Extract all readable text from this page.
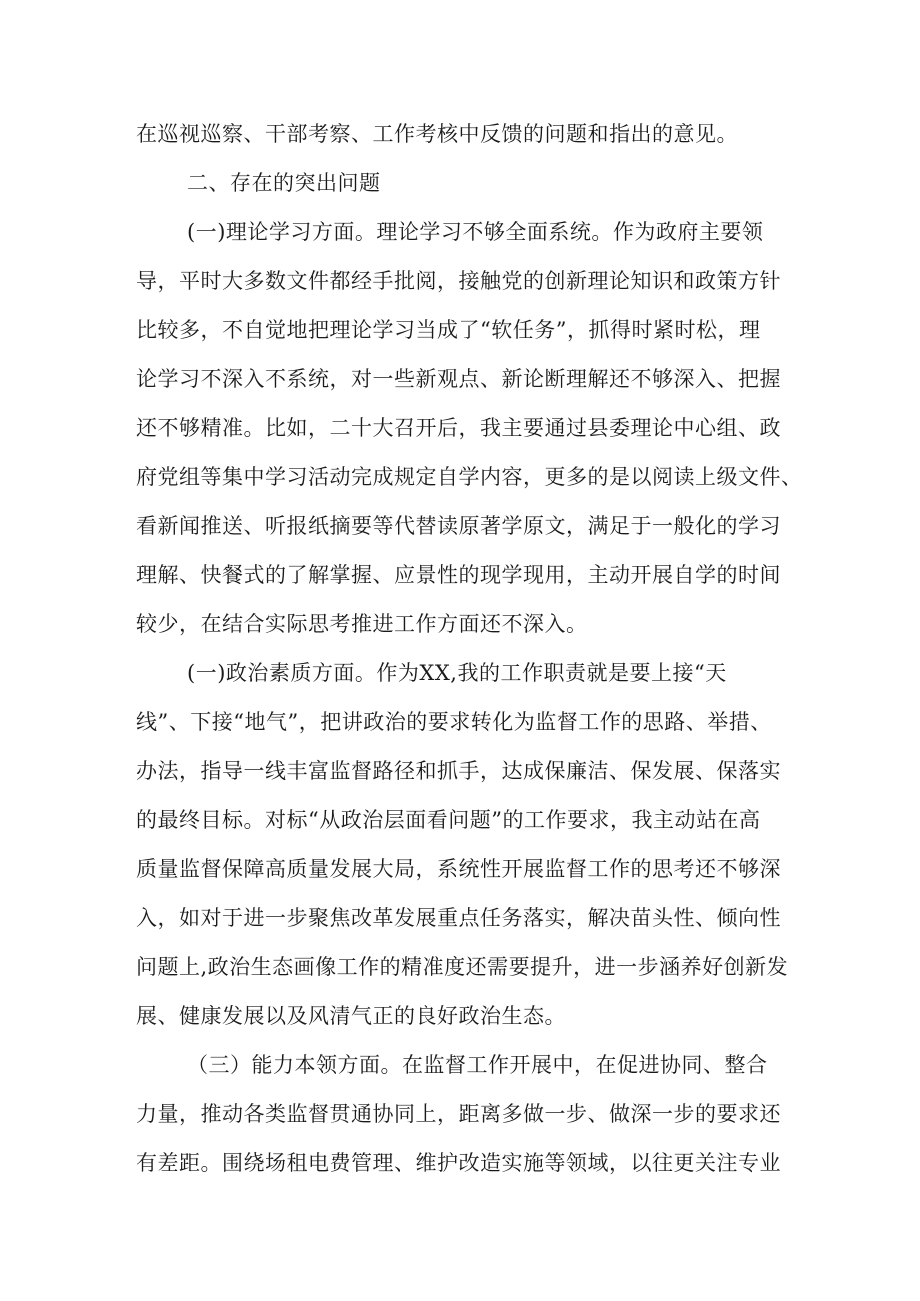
在巡视巡察、干部考察、工作考核中反馈的问题和指出的意见。
二、存在的突出问题
(一)理论学习方面。理论学习不够全面系统。作为政府主要领
导，平时大多数文件都经手批阅，接触党的创新理论知识和政策方针
比较多，不自觉地把理论学习当成了“软任务”，抓得时紧时松，理
论学习不深入不系统，对一些新观点、新论断理解还不够深入、把握
还不够精准。比如，二十大召开后，我主要通过县委理论中心组、政
府党组等集中学习活动完成规定自学内容，更多的是以阅读上级文件、
看新闻推送、听报纸摘要等代替读原著学原文，满足于一般化的学习
理解、快餐式的了解掌握、应景性的现学现用，主动开展自学的时间
较少，在结合实际思考推进工作方面还不深入。
(一)政治素质方面。作为XX,我的工作职责就是要上接“天
线”、下接“地气”，把讲政治的要求转化为监督工作的思路、举措、
办法，指导一线丰富监督路径和抓手，达成保廉洁、保发展、保落实
的最终目标。对标“从政治层面看问题”的工作要求，我主动站在高
质量监督保障高质量发展大局，系统性开展监督工作的思考还不够深
入，如对于进一步聚焦改革发展重点任务落实，解决苗头性、倾向性
问题上,政治生态画像工作的精准度还需要提升，进一步涵养好创新发
展、健康发展以及风清气正的良好政治生态。
（三）能力本领方面。在监督工作开展中，在促进协同、整合
力量，推动各类监督贯通协同上，距离多做一步、做深一步的要求还
有差距。围绕场租电费管理、维护改造实施等领域，以往更关注专业
